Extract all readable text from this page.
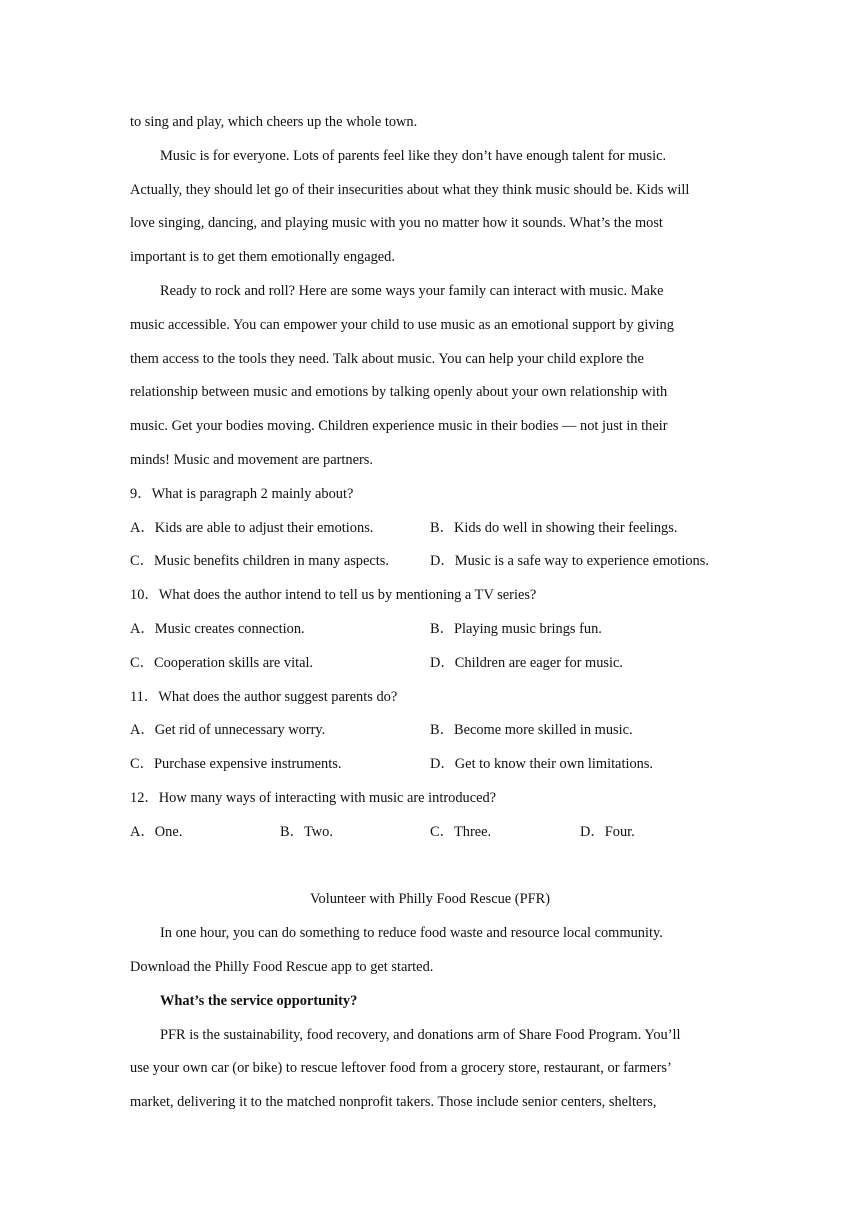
to sing and play, which cheers up the whole town.
Music is for everyone. Lots of parents feel like they don’t have enough talent for music.
Actually, they should let go of their insecurities about what they think music should be. Kids will
love singing, dancing, and playing music with you no matter how it sounds. What’s the most
important is to get them emotionally engaged.
Ready to rock and roll? Here are some ways your family can interact with music. Make
music accessible. You can empower your child to use music as an emotional support by giving
them access to the tools they need. Talk about music. You can help your child explore the
relationship between music and emotions by talking openly about your own relationship with
music. Get your bodies moving. Children experience music in their bodies — not just in their
minds! Music and movement are partners.
9．What is paragraph 2 mainly about?
A．Kids are able to adjust their emotions.	B．Kids do well in showing their feelings.
C．Music benefits children in many aspects.	D．Music is a safe way to experience emotions.
10．What does the author intend to tell us by mentioning a TV series?
A．Music creates connection.	B．Playing music brings fun.
C．Cooperation skills are vital.	D．Children are eager for music.
11．What does the author suggest parents do?
A．Get rid of unnecessary worry.	B．Become more skilled in music.
C．Purchase expensive instruments.	D．Get to know their own limitations.
12．How many ways of interacting with music are introduced?
A．One.	B．Two.	C．Three.	D．Four.
Volunteer with Philly Food Rescue (PFR)
In one hour, you can do something to reduce food waste and resource local community.
Download the Philly Food Rescue app to get started.
What’s the service opportunity?
PFR is the sustainability, food recovery, and donations arm of Share Food Program. You’ll
use your own car (or bike) to rescue leftover food from a grocery store, restaurant, or farmers’
market, delivering it to the matched nonprofit takers. Those include senior centers, shelters,
